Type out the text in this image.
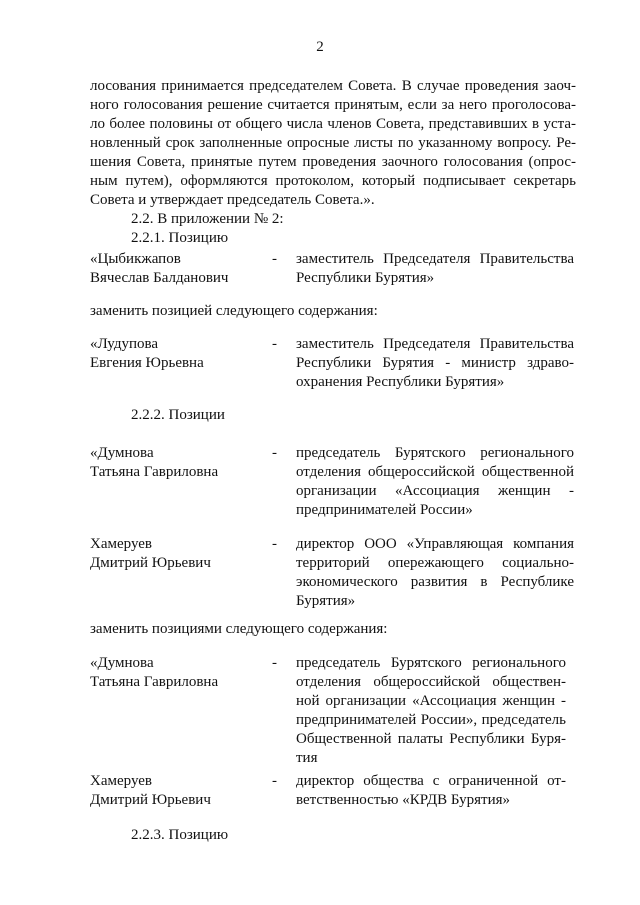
2
лосования принимается председателем Совета. В случае проведения заоч-
ного голосования решение считается принятым, если за него проголосова-
ло более половины от общего числа членов Совета, представивших в уста-
новленный срок заполненные опросные листы по указанному вопросу. Ре-
шения Совета, принятые путем проведения заочного голосования (опрос-
ным путем), оформляются протоколом, который подписывает секретарь
Совета и утверждает председатель Совета.».
2.2. В приложении № 2:
2.2.1. Позицию
«Цыбикжапов
Вячеслав Балданович
- заместитель Председателя Правительства
Республики Бурятия»
заменить позицией следующего содержания:
«Лудупова
Евгения Юрьевна
- заместитель Председателя Правительства
Республики Бурятия - министр здраво-
охранения Республики Бурятия»
2.2.2. Позиции
«Думнова
Татьяна Гавриловна
- председатель Бурятского регионального
отделения общероссийской общественной
организации «Ассоциация женщин -
предпринимателей России»
Хамеруев
Дмитрий Юрьевич
- директор ООО «Управляющая компания
территорий опережающего социально-
экономического развития в Республике
Бурятия»
заменить позициями следующего содержания:
«Думнова
Татьяна Гавриловна
- председатель Бурятского регионального
отделения общероссийской обществен-
ной организации «Ассоциация женщин -
предпринимателей России», председатель
Общественной палаты Республики Буря-
тия
Хамеруев
Дмитрий Юрьевич
- директор общества с ограниченной от-
ветственностью «КРДВ Бурятия»
2.2.3. Позицию
